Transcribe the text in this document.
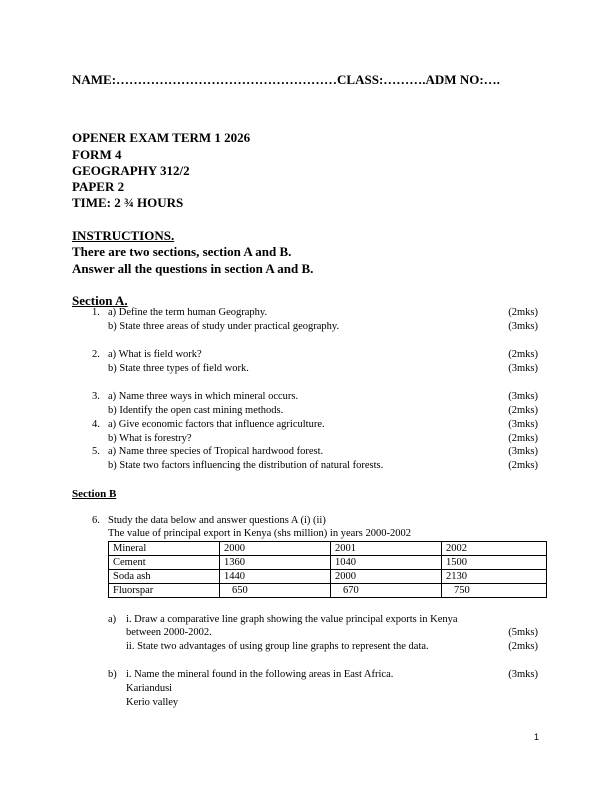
NAME:……………………………………………CLASS:……….ADM NO:….
OPENER EXAM TERM 1 2026
FORM 4
GEOGRAPHY 312/2
PAPER 2
TIME: 2 ¾ HOURS
INSTRUCTIONS.
There are two sections, section A and B.
Answer all the questions in section A and B.
Section A.
1. a) Define the term human Geography.	(2mks)
b) State three areas of study under practical geography.	(3mks)
2. a) What is field work?	(2mks)
b) State three types of field work.	(3mks)
3. a) Name three ways in which mineral occurs.	(3mks)
b) Identify the open cast mining methods.	(2mks)
4. a) Give economic factors that influence agriculture.	(3mks)
b) What is forestry?	(2mks)
5. a) Name three species of Tropical hardwood forest.	(3mks)
b) State two factors influencing the distribution of natural forests.	(2mks)
Section B
6. Study the data below and answer questions A (i) (ii)
The value of principal export in Kenya (shs million) in years 2000-2002
Mineral	2000	2001	2002
Cement	1360	1040	1500
Soda ash	1440	2000	2130
Fluorspar	650	670	750
a) i. Draw a comparative line graph showing the value principal exports in Kenya
between 2000-2002.	(5mks)
ii. State two advantages of using group line graphs to represent the data.	(2mks)
b) i. Name the mineral found in the following areas in East Africa.	(3mks)
Kariandusi
Kerio valley
1
